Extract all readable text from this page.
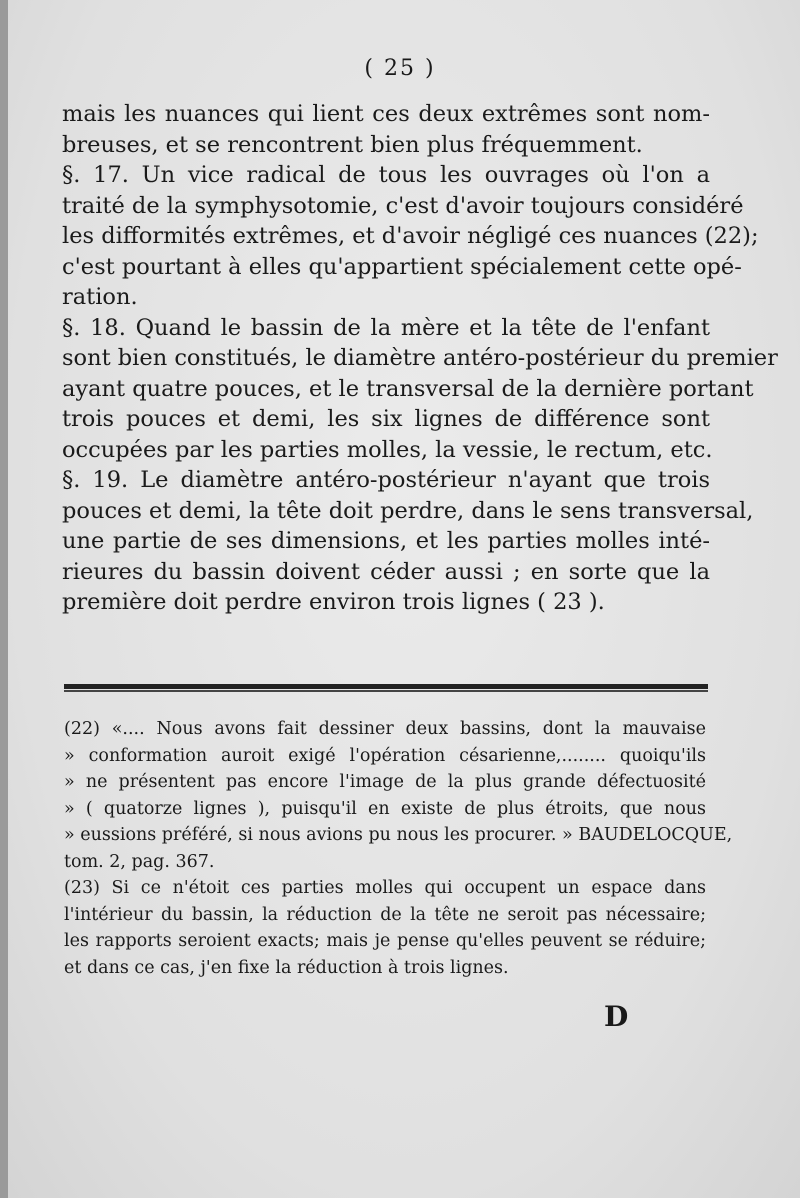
( 25 )
mais les nuances qui lient ces deux extrêmes sont nom-
breuses, et se rencontrent bien plus fréquemment.
§. 17. Un vice radical de tous les ouvrages où l'on a
traité de la symphysotomie, c'est d'avoir toujours considéré
les difformités extrêmes, et d'avoir négligé ces nuances (22);
c'est pourtant à elles qu'appartient spécialement cette opé-
ration.
§. 18. Quand le bassin de la mère et la tête de l'enfant
sont bien constitués, le diamètre antéro-postérieur du premier
ayant quatre pouces, et le transversal de la dernière portant
trois pouces et demi, les six lignes de différence sont
occupées par les parties molles, la vessie, le rectum, etc.
§. 19. Le diamètre antéro-postérieur n'ayant que trois
pouces et demi, la tête doit perdre, dans le sens transversal,
une partie de ses dimensions, et les parties molles inté-
rieures du bassin doivent céder aussi ; en sorte que la
première doit perdre environ trois lignes ( 23 ).
(22) «.... Nous avons fait dessiner deux bassins, dont la mauvaise
» conformation auroit exigé l'opération césarienne,........ quoiqu'ils
» ne présentent pas encore l'image de la plus grande défectuosité
» ( quatorze lignes ), puisqu'il en existe de plus étroits, que nous
» eussions préféré, si nous avions pu nous les procurer. » BAUDELOCQUE,
tom. 2, pag. 367.
(23) Si ce n'étoit ces parties molles qui occupent un espace dans
l'intérieur du bassin, la réduction de la tête ne seroit pas nécessaire;
les rapports seroient exacts; mais je pense qu'elles peuvent se réduire;
et dans ce cas, j'en fixe la réduction à trois lignes.
D
